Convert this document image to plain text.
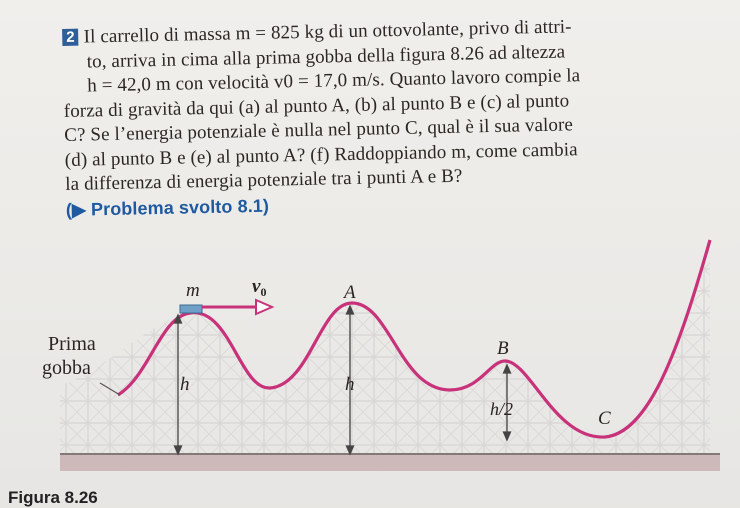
2 Il carrello di massa m = 825 kg di un ottovolante, privo di attri-

to, arriva in cima alla prima gobba della figura 8.26 ad altezza

h = 42,0 m con velocità v0 = 17,0 m/s. Quanto lavoro compie la

forza di gravità da qui (a) al punto A, (b) al punto B e (c) al punto

C? Se l’energia potenziale è nulla nel punto C, qual è il sua valore

(d) al punto B e (e) al punto A? (f) Raddoppiando m, come cambia

la differenza di energia potenziale tra i punti A e B?

(▶ Problema svolto 8.1)

Prima
gobba
m	$v_0$	A
B
C
h	h
h/2
Figura 8.26
